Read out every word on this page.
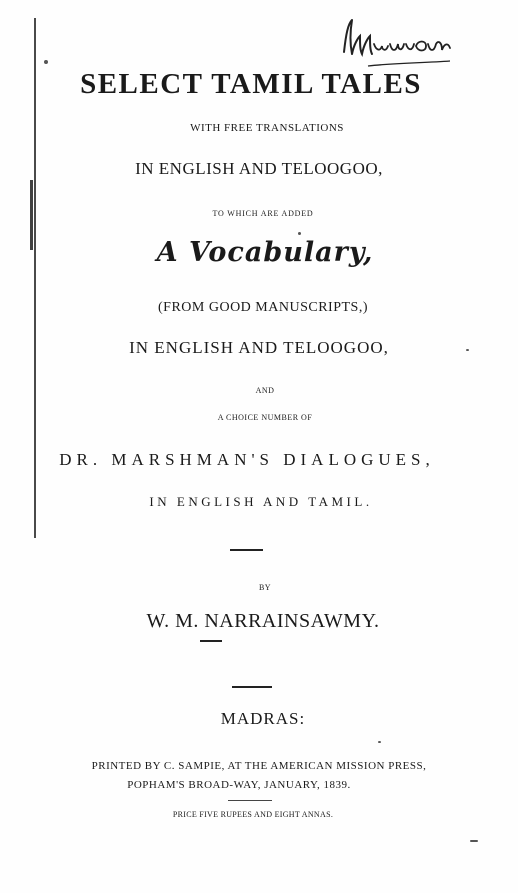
SELECT TAMIL TALES
WITH FREE TRANSLATIONS
IN ENGLISH AND TELOOGOO,
TO WHICH ARE ADDED
A Vocabulary,
(FROM GOOD MANUSCRIPTS,)
IN ENGLISH AND TELOOGOO,
AND
A CHOICE NUMBER OF
DR. MARSHMAN'S DIALOGUES,
IN ENGLISH AND TAMIL.
BY
W. M. NARRAINSAWMY.
MADRAS:
PRINTED BY C. SAMPIE, AT THE AMERICAN MISSION PRESS,
POPHAM'S BROAD-WAY, JANUARY, 1839.
PRICE FIVE RUPEES AND EIGHT ANNAS.
